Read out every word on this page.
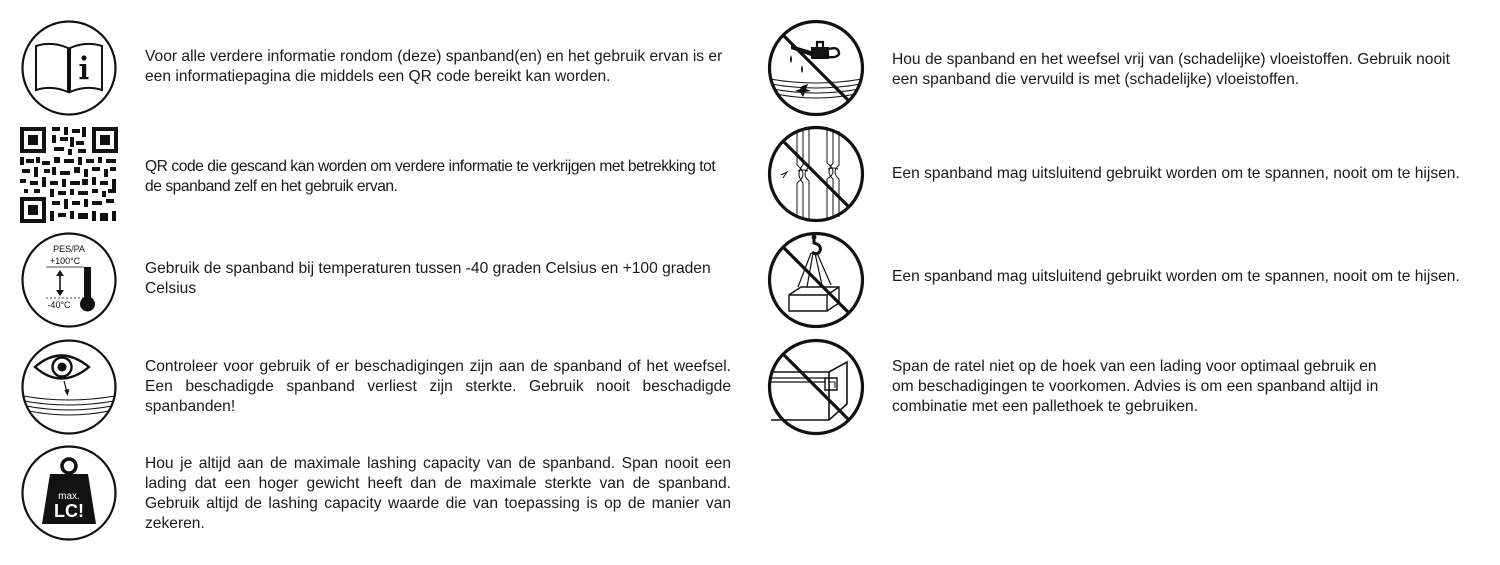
Voor alle verdere informatie rondom (deze) spanband(en) en het gebruik ervan is er een informatiepagina die middels een QR code bereikt kan worden.
QR code die gescand kan worden om verdere informatie te verkrijgen met betrekking tot de spanband zelf en het gebruik ervan.
PES/PA
+100°C
-40°C
Gebruik de spanband bij temperaturen tussen -40 graden Celsius en +100 graden Celsius
Controleer voor gebruik of er beschadigingen zijn aan de spanband of het weefsel. Een beschadigde spanband verliest zijn sterkte. Gebruik nooit beschadigde spanbanden!
max.
LC!
Hou je altijd aan de maximale lashing capacity van de spanband. Span nooit een lading dat een hoger gewicht heeft dan de maximale sterkte van de spanband. Gebruik altijd de lashing capacity waarde die van toepassing is op de manier van zekeren.
Hou de spanband en het weefsel vrij van (schadelijke) vloeistoffen. Gebruik nooit een spanband die vervuild is met (schadelijke) vloeistoffen.
Een spanband mag uitsluitend gebruikt worden om te spannen, nooit om te hijsen.
Een spanband mag uitsluitend gebruikt worden om te spannen, nooit om te hijsen.
Span de ratel niet op de hoek van een lading voor optimaal gebruik en om beschadigingen te voorkomen. Advies is om een spanband altijd in combinatie met een pallethoek te gebruiken.
